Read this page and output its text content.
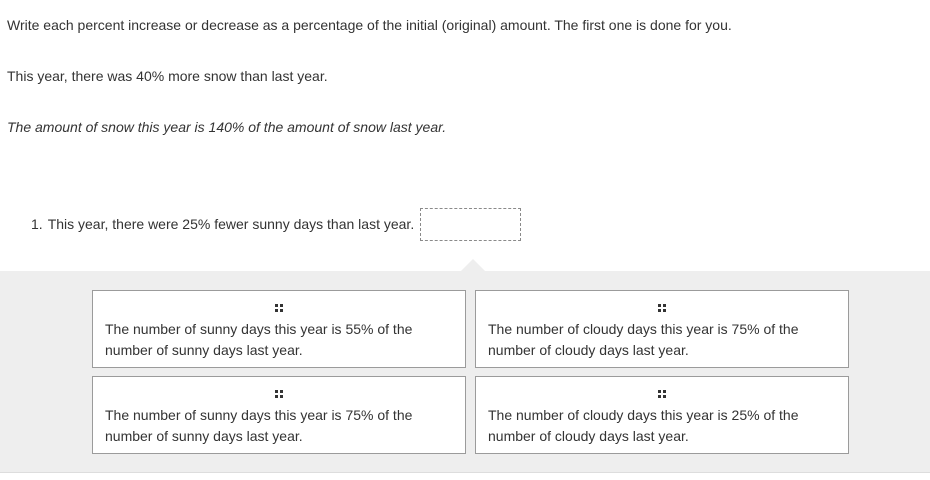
Write each percent increase or decrease as a percentage of the initial (original) amount. The first one is done for you.

This year, there was 40% more snow than last year.

The amount of snow this year is 140% of the amount of snow last year.

1. This year, there were 25% fewer sunny days than last year.

The number of sunny days this year is 55% of the number of sunny days last year.

The number of cloudy days this year is 75% of the number of cloudy days last year.

The number of sunny days this year is 75% of the number of sunny days last year.

The number of cloudy days this year is 25% of the number of cloudy days last year.
